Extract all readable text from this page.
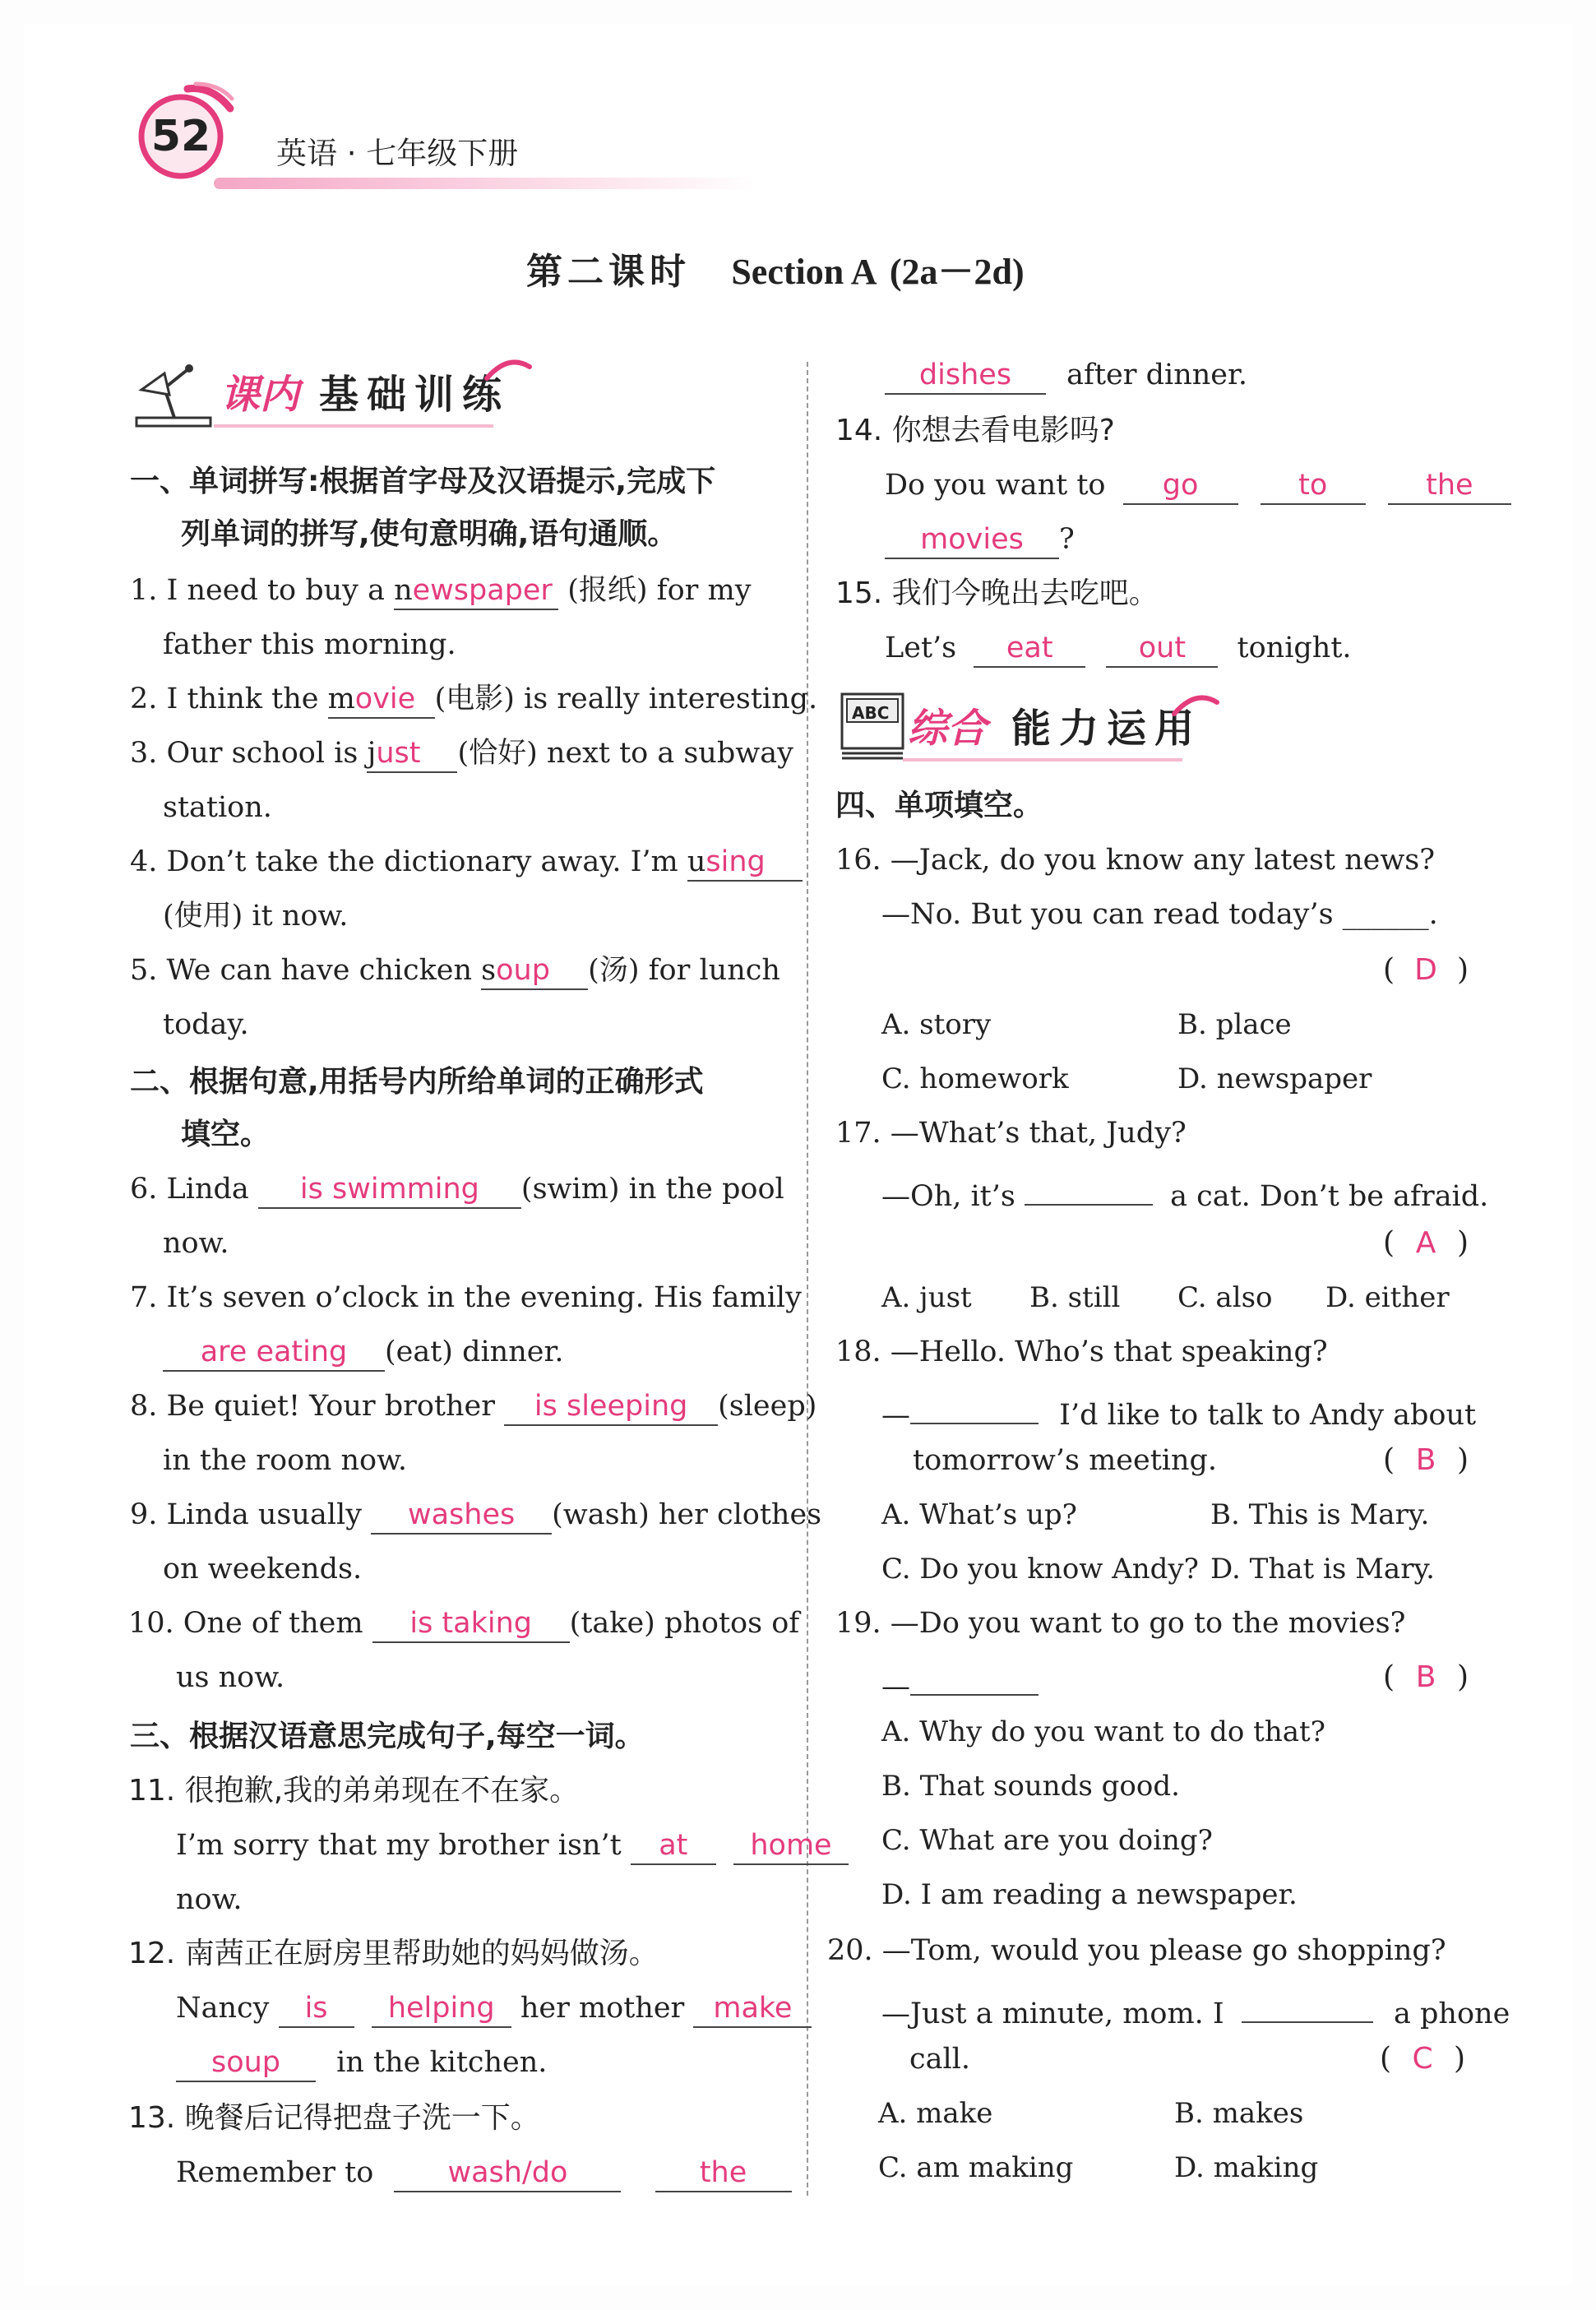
52	英语 · 七年级下册
第二课时 Section A (2a－2d)
课内 基础训练
一、单词拼写:根据首字母及汉语提示,完成下
列单词的拼写,使句意明确,语句通顺。
1. I need to buy a newspaper (报纸) for my
father this morning.
2. I think the movie (电影) is really interesting.
3. Our school is just (恰好) next to a subway
station.
4. Don’t take the dictionary away. I’m using
(使用) it now.
5. We can have chicken soup (汤) for lunch
today.
二、根据句意,用括号内所给单词的正确形式
填空。
6. Linda is swimming (swim) in the pool
now.
7. It’s seven o’clock in the evening. His family
are eating (eat) dinner.
8. Be quiet! Your brother is sleeping (sleep)
in the room now.
9. Linda usually washes (wash) her clothes
on weekends.
10. One of them is taking (take) photos of
us now.
三、根据汉语意思完成句子,每空一词。
11. 很抱歉,我的弟弟现在不在家。
I’m sorry that my brother isn’t at home
now.
12. 南茜正在厨房里帮助她的妈妈做汤。
Nancy is helping her mother make
soup in the kitchen.
13. 晚餐后记得把盘子洗一下。
Remember to	wash/do	the
dishes after dinner.
14. 你想去看电影吗?
Do you want to go	to	the
movies ?
15. 我们今晚出去吃吧。
Let’s eat	out tonight.
ABC 综合 能力运用
四、单项填空。
16. —Jack, do you know any latest news?
—No. But you can read today’s ______.
( D )
A. story	B. place
C. homework	D. newspaper
17. —What’s that, Judy?
—Oh, it’s	a cat. Don’t be afraid.
( A )
A. just B. still C. also D. either
18. —Hello. Who’s that speaking?
—	I’d like to talk to Andy about
tomorrow’s meeting.	( B )
A. What’s up?	B. This is Mary.
C. Do you know Andy? D. That is Mary.
19. —Do you want to go to the movies?
—	( B )
A. Why do you want to do that?
B. That sounds good.
C. What are you doing?
D. I am reading a newspaper.
20. —Tom, would you please go shopping?
—Just a minute, mom. I	a phone
call.	( C )
A. make	B. makes
C. am making	D. making
